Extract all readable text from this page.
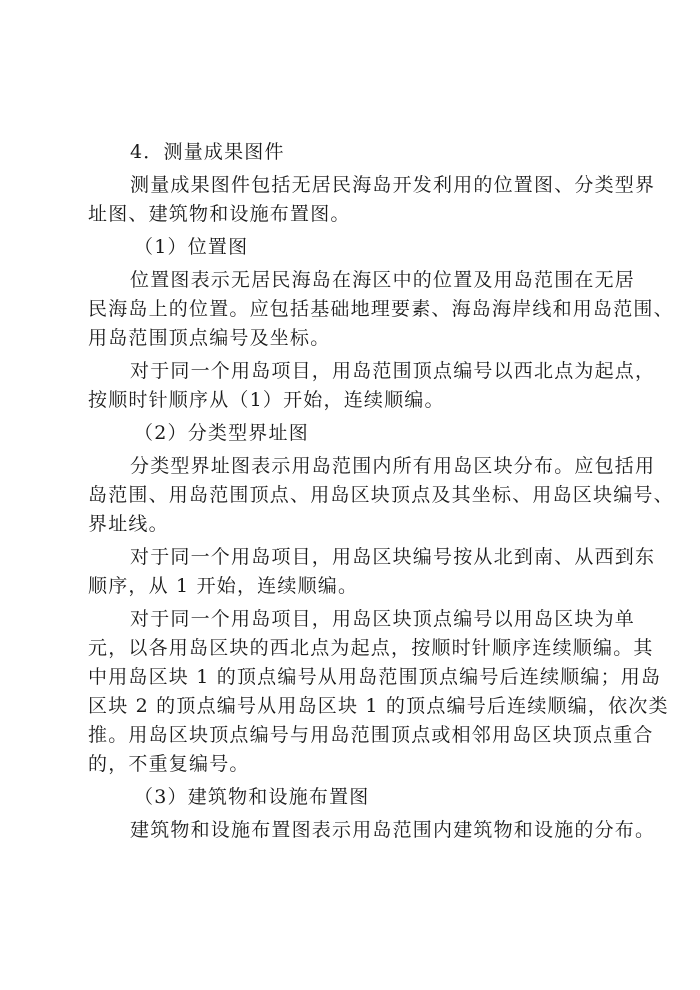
4．测量成果图件

测量成果图件包括无居民海岛开发利用的位置图、分类型界

址图、建筑物和设施布置图。

（1）位置图

位置图表示无居民海岛在海区中的位置及用岛范围在无居

民海岛上的位置。应包括基础地理要素、海岛海岸线和用岛范围、

用岛范围顶点编号及坐标。

对于同一个用岛项目，用岛范围顶点编号以西北点为起点，

按顺时针顺序从（1）开始，连续顺编。

（2）分类型界址图

分类型界址图表示用岛范围内所有用岛区块分布。应包括用

岛范围、用岛范围顶点、用岛区块顶点及其坐标、用岛区块编号、

界址线。

对于同一个用岛项目，用岛区块编号按从北到南、从西到东

顺序，从 1 开始，连续顺编。

对于同一个用岛项目，用岛区块顶点编号以用岛区块为单

元，以各用岛区块的西北点为起点，按顺时针顺序连续顺编。其

中用岛区块 1 的顶点编号从用岛范围顶点编号后连续顺编；用岛

区块 2 的顶点编号从用岛区块 1 的顶点编号后连续顺编，依次类

推。用岛区块顶点编号与用岛范围顶点或相邻用岛区块顶点重合

的，不重复编号。

（3）建筑物和设施布置图

建筑物和设施布置图表示用岛范围内建筑物和设施的分布。
